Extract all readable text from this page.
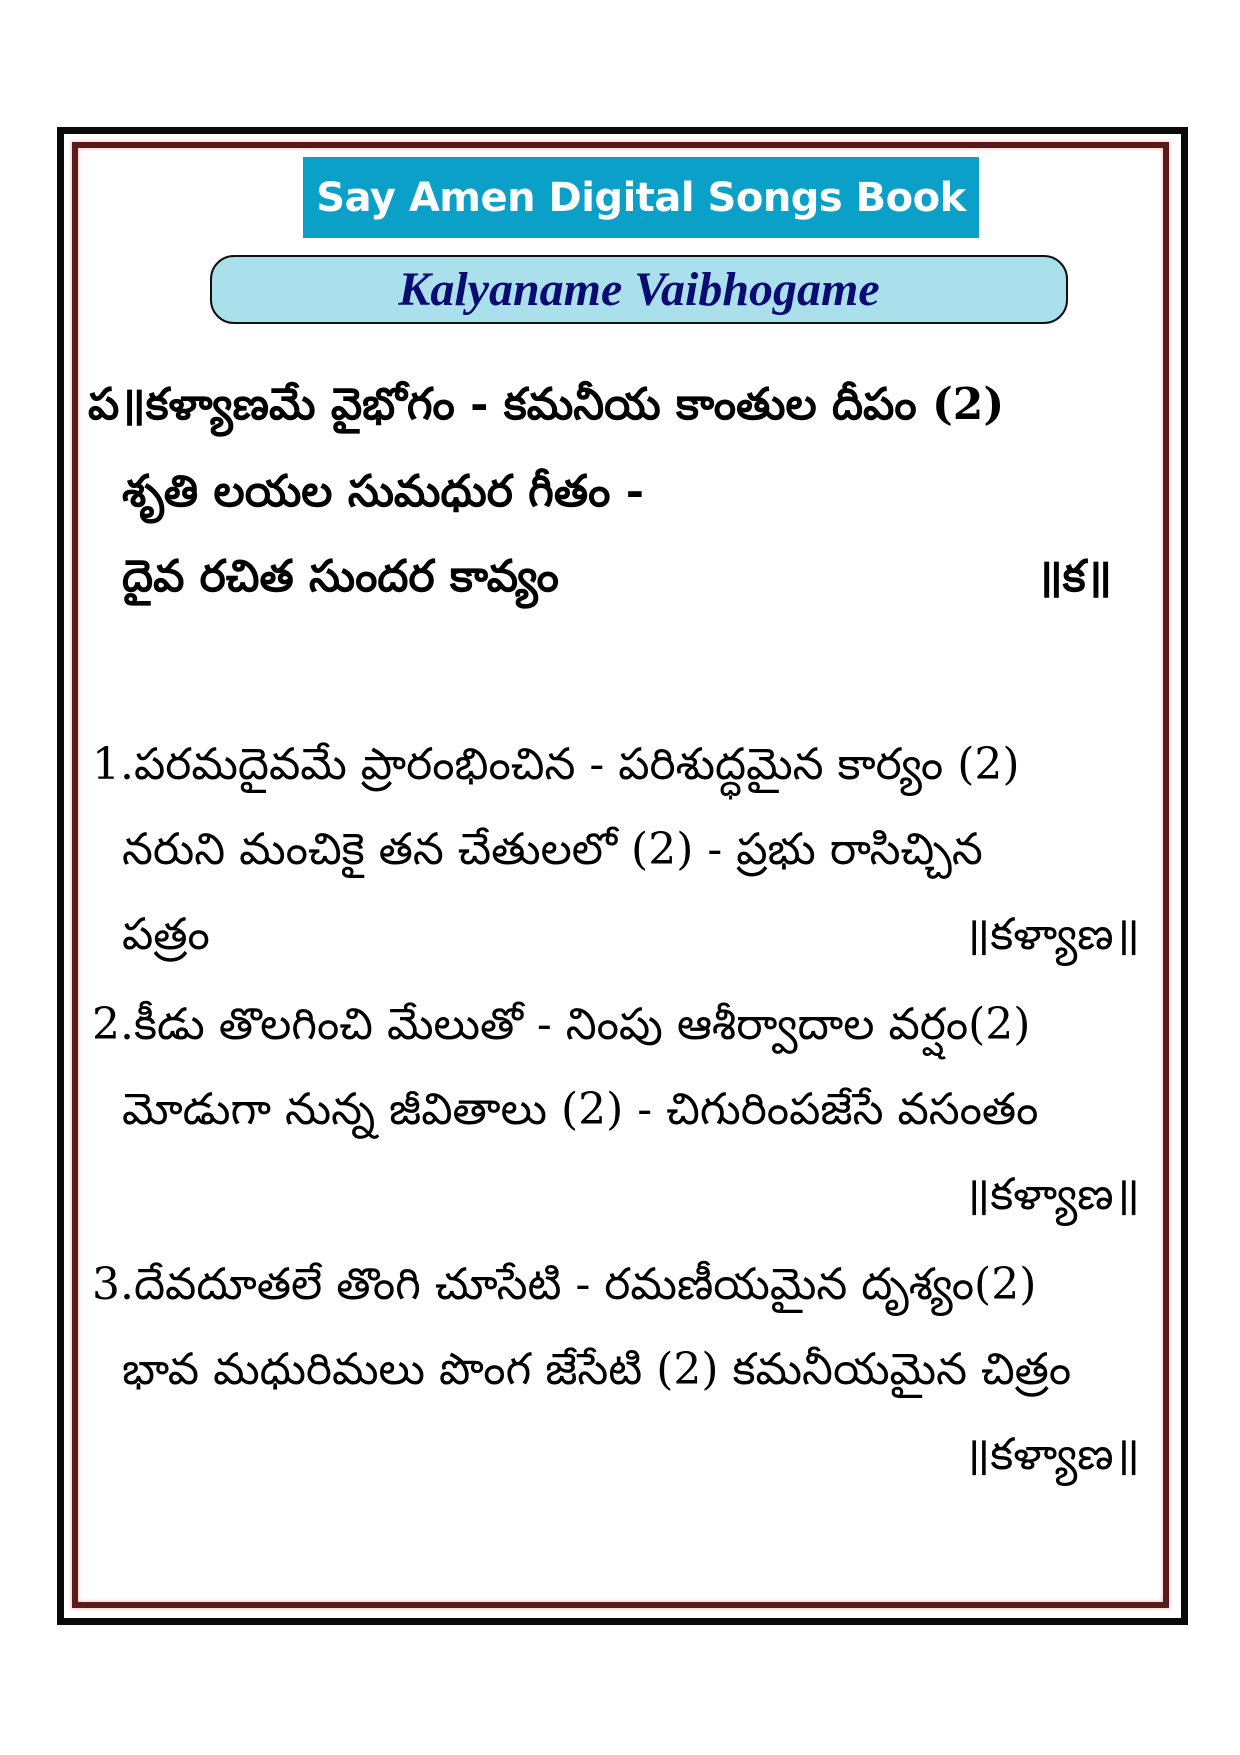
Say Amen Digital Songs Book
Kalyaname Vaibhogame
ప॥కళ్యాణమే వైభోగం - కమనీయ కాంతుల దీపం (2)
శృతి లయల సుమధుర గీతం -
దైవ రచిత సుందర కావ్యం	॥క॥
1.పరమదైవమే ప్రారంభించిన - పరిశుద్ధమైన కార్యం (2)
నరుని మంచికై తన చేతులలో (2) - ప్రభు రాసిచ్చిన
పత్రం	॥కళ్యాణ॥
2.కీడు తొలగించి మేలుతో - నింపు ఆశీర్వాదాల వర్షం(2)
మోడుగా నున్న జీవితాలు (2) - చిగురింపజేసే వసంతం
॥కళ్యాణ॥
3.దేవదూతలే తొంగి చూసేటి - రమణీయమైన దృశ్యం(2)
భావ మధురిమలు పొంగ జేసేటి (2) కమనీయమైన చిత్రం
॥కళ్యాణ॥
